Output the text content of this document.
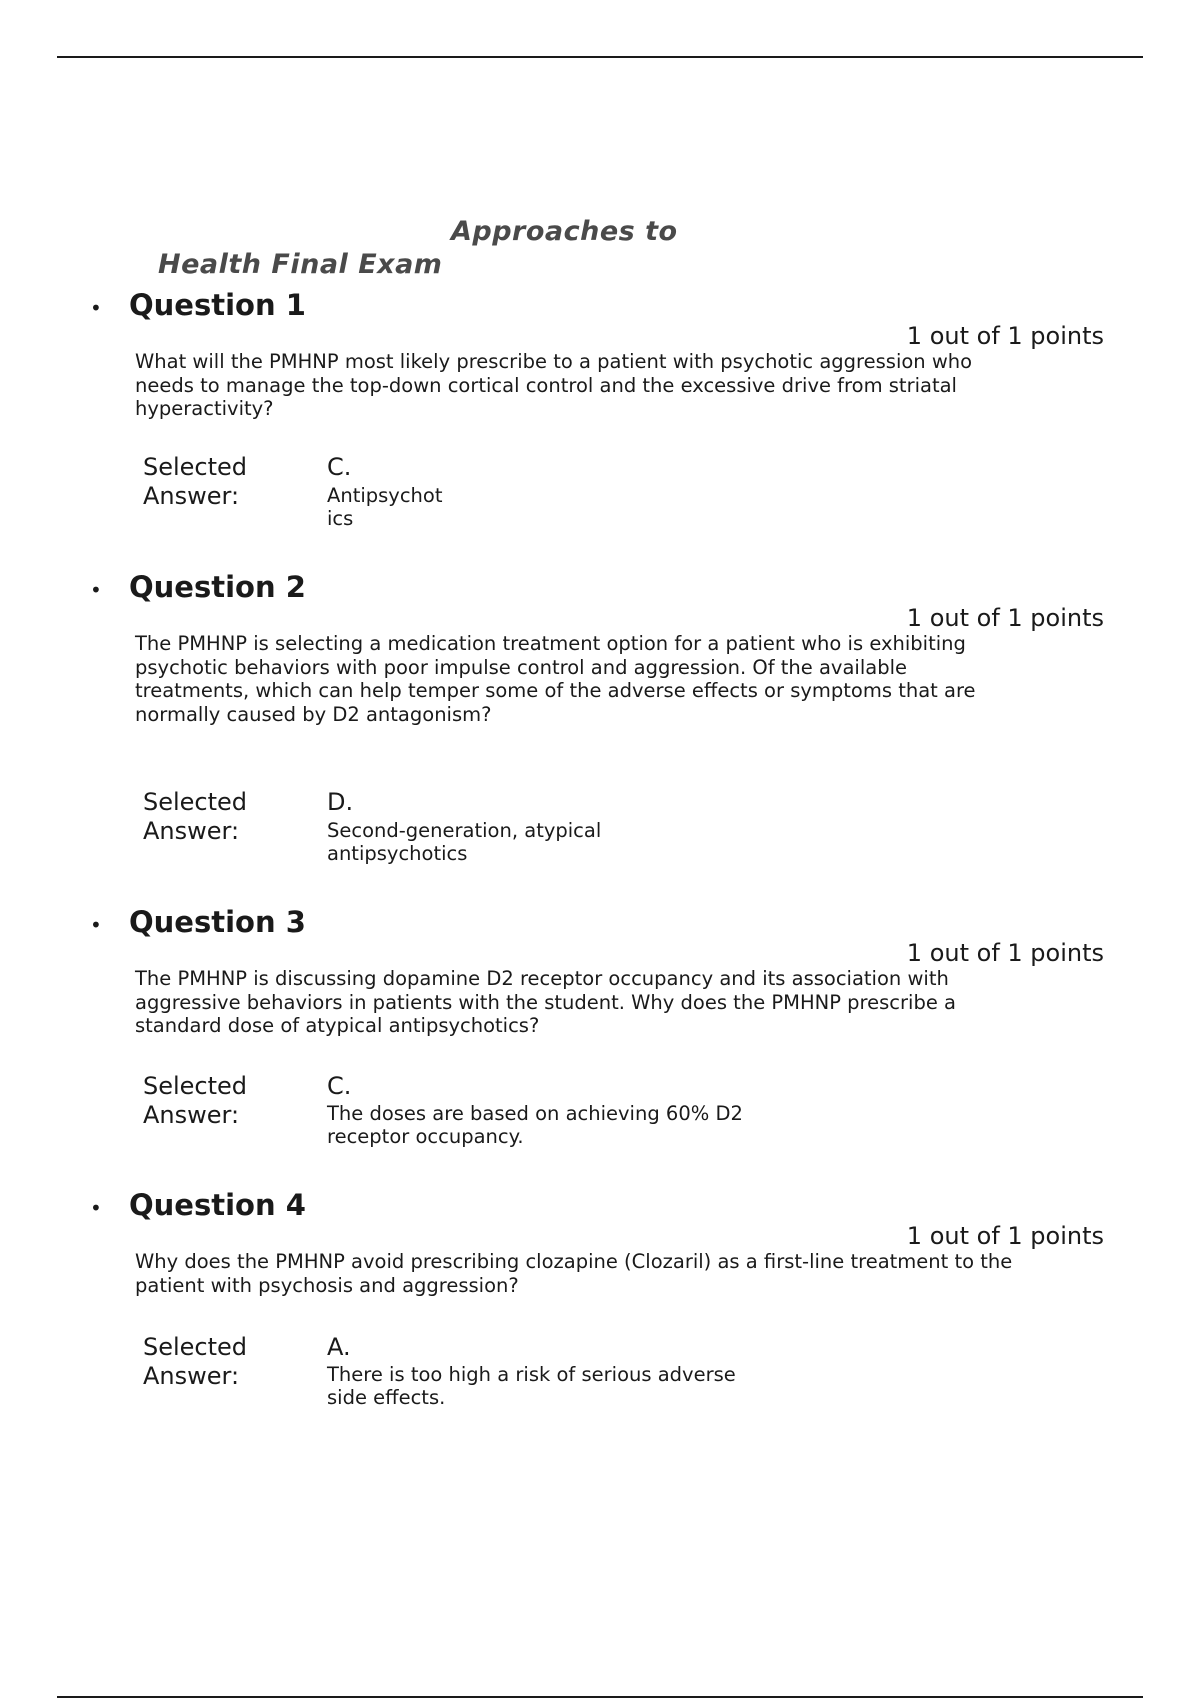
Approaches to
Health Final Exam
• Question 1
1 out of 1 points
What will the PMHNP most likely prescribe to a patient with psychotic aggression who
needs to manage the top-down cortical control and the excessive drive from striatal
hyperactivity?
Selected
Answer:
C.
Antipsychot
ics
• Question 2
1 out of 1 points
The PMHNP is selecting a medication treatment option for a patient who is exhibiting
psychotic behaviors with poor impulse control and aggression. Of the available
treatments, which can help temper some of the adverse effects or symptoms that are
normally caused by D2 antagonism?
Selected
Answer:
D.
Second-generation, atypical
antipsychotics
• Question 3
1 out of 1 points
The PMHNP is discussing dopamine D2 receptor occupancy and its association with
aggressive behaviors in patients with the student. Why does the PMHNP prescribe a
standard dose of atypical antipsychotics?
Selected
Answer:
C.
The doses are based on achieving 60% D2
receptor occupancy.
• Question 4
1 out of 1 points
Why does the PMHNP avoid prescribing clozapine (Clozaril) as a first-line treatment to the
patient with psychosis and aggression?
Selected
Answer:
A.
There is too high a risk of serious adverse
side effects.
